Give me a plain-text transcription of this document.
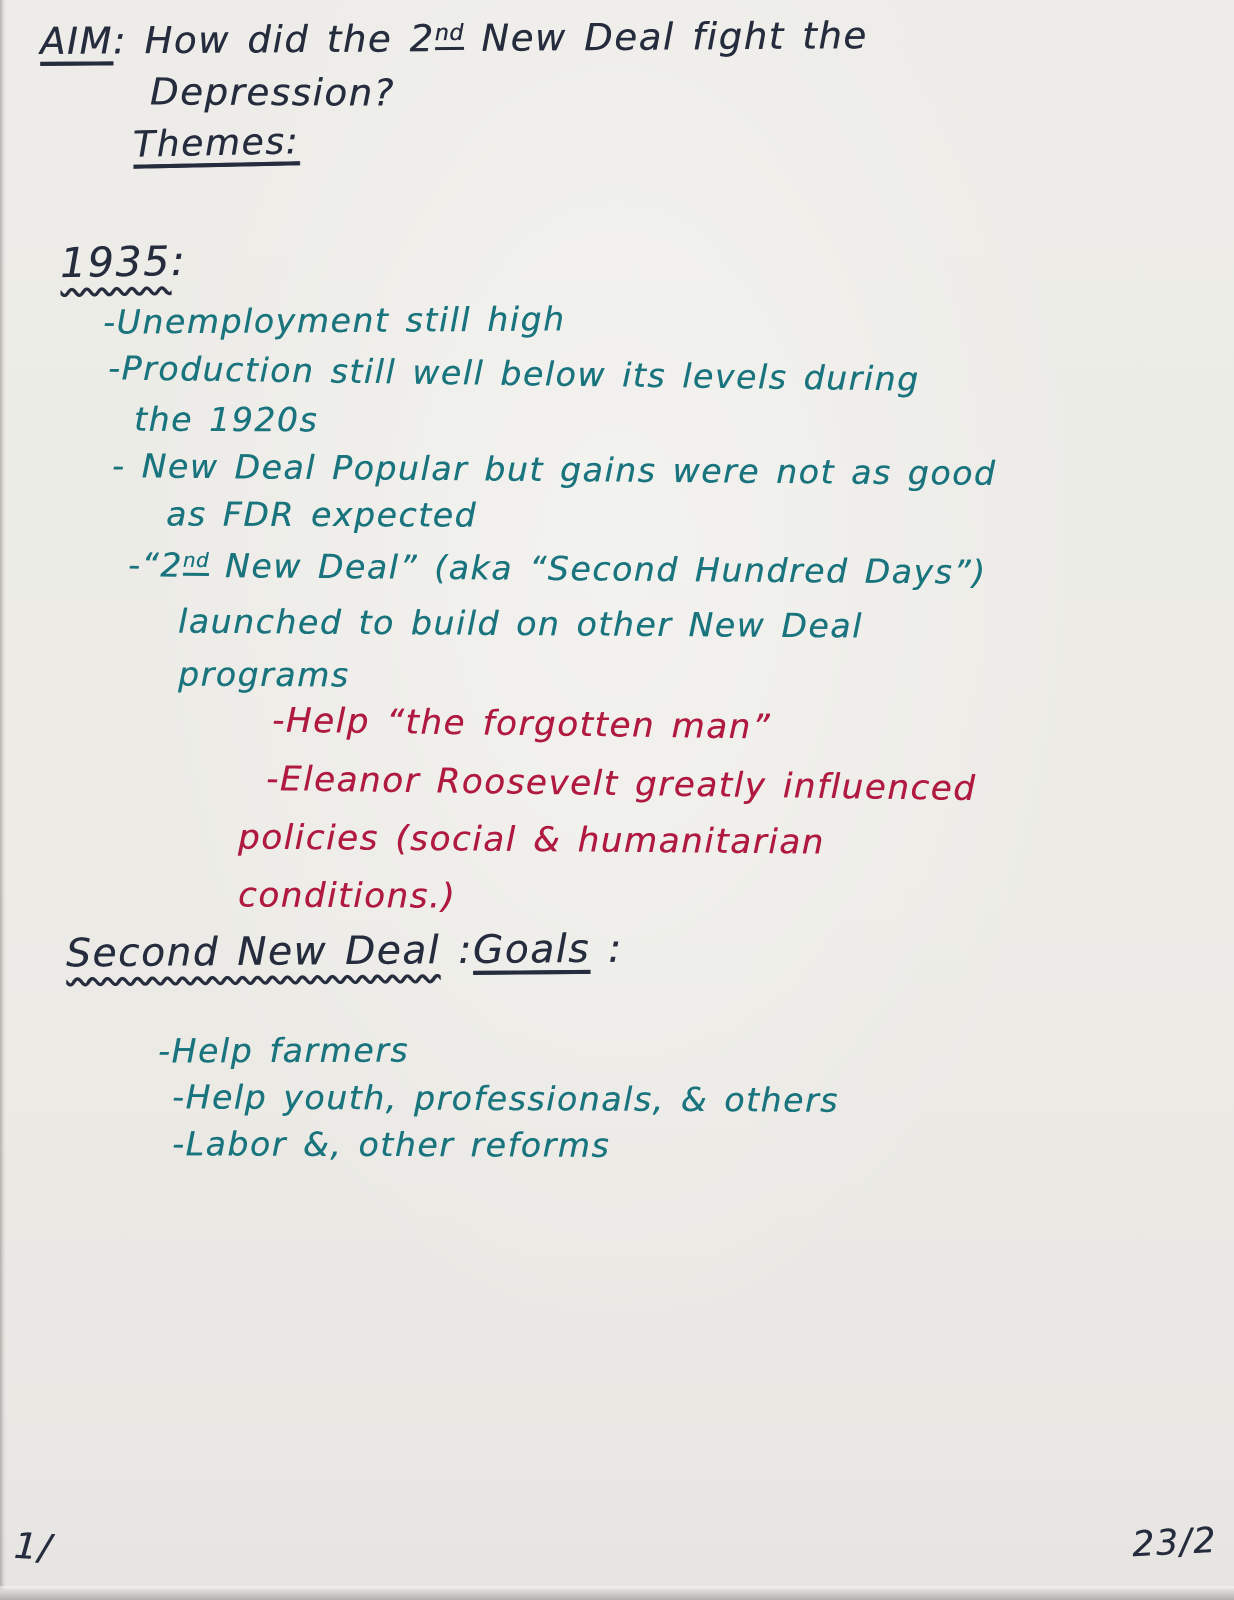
AIM: How did the 2nd New Deal fight the
Depression?
Themes:
1935:
-Unemployment still high
-Production still well below its levels during
the 1920s
- New Deal Popular but gains were not as good
as FDR expected
-“2nd New Deal” (aka “Second Hundred Days”)
launched to build on other New Deal
programs
-Help “the forgotten man”
-Eleanor Roosevelt greatly influenced
policies (social & humanitarian
conditions.)
Second New Deal :Goals :
-Help farmers
-Help youth, professionals, & others
-Labor &, other reforms
1/	23/2
